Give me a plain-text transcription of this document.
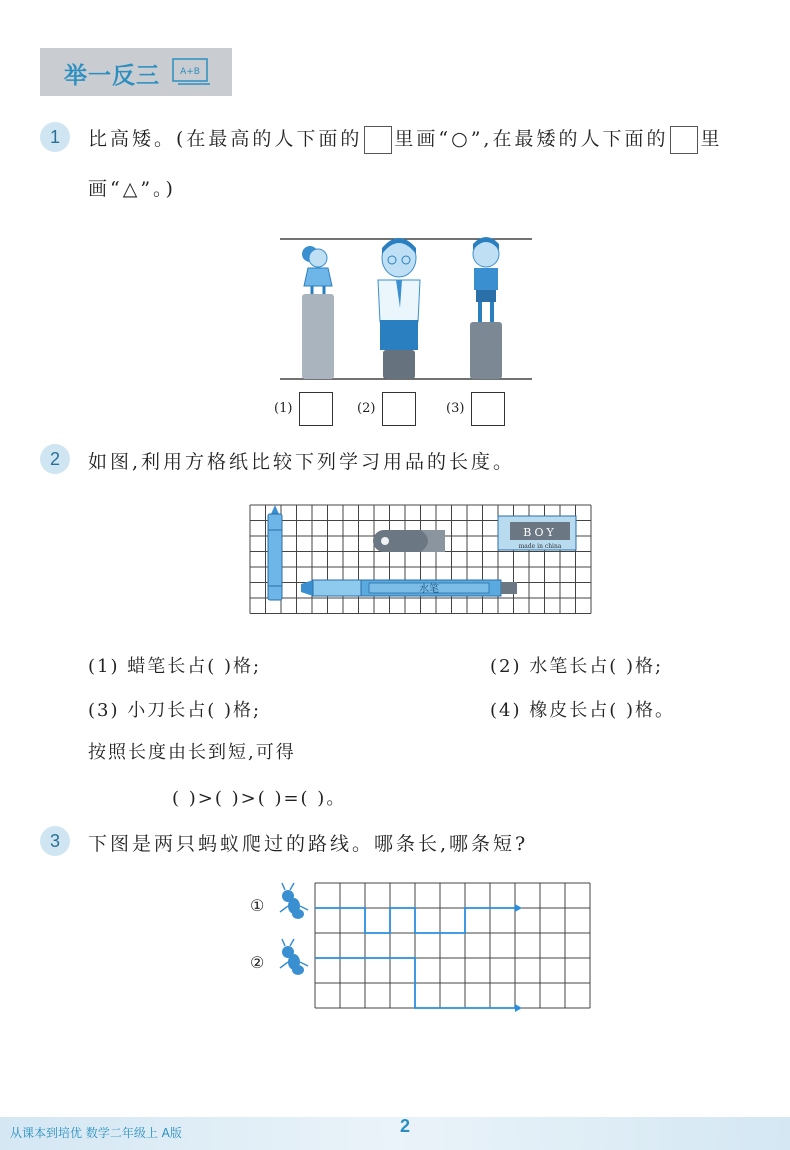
举一反三 A+B
1	比高矮。(在最高的人下面的 里画“○”,在最矮的人下面的 里
画“△”。)
(1)	(2)	(3)
2	如图,利用方格纸比较下列学习用品的长度。
BOY
made in china
水笔
(1) 蜡笔长占( )格;	(2) 水笔长占( )格;
(3) 小刀长占( )格;	(4) 橡皮长占( )格。
按照长度由长到短,可得
( )>( )>( )=( )。
3	下图是两只蚂蚁爬过的路线。哪条长,哪条短?
①
②
从课本到培优 数学二年级上 A版	2
